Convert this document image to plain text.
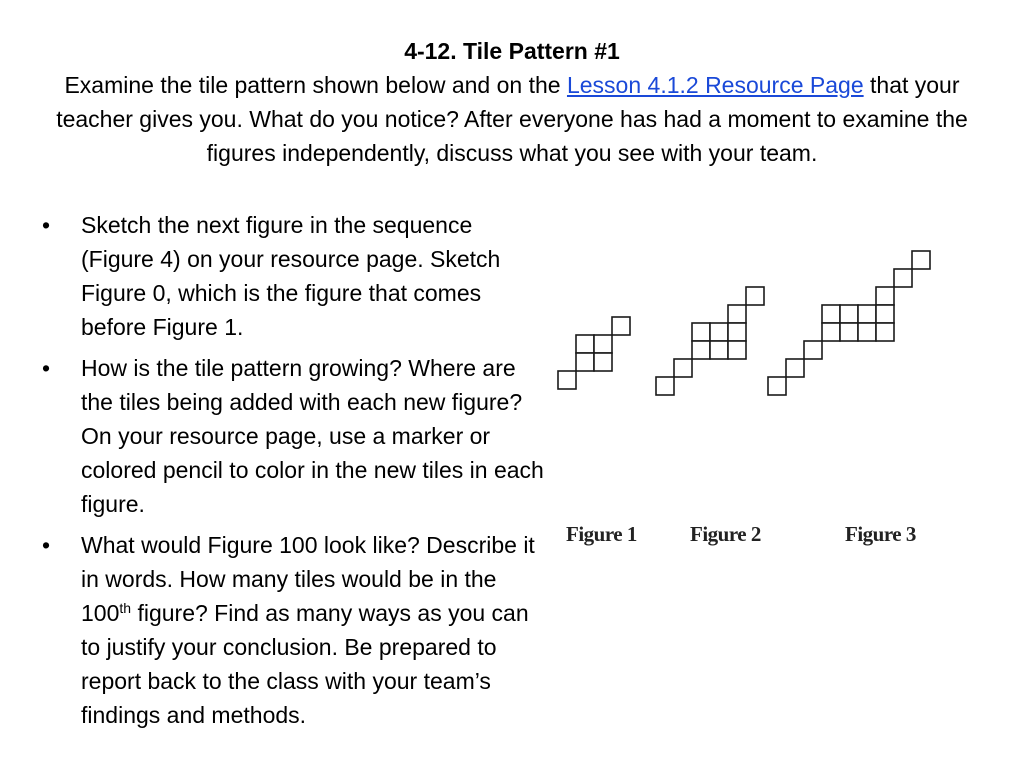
4-12. Tile Pattern #1
Examine the tile pattern shown below and on the Lesson 4.1.2 Resource Page that your teacher gives you. What do you notice? After everyone has had a moment to examine the figures independently, discuss what you see with your team.
• Sketch the next figure in the sequence (Figure 4) on your resource page. Sketch Figure 0, which is the figure that comes before Figure 1.
• How is the tile pattern growing? Where are the tiles being added with each new figure? On your resource page, use a marker or colored pencil to color in the new tiles in each figure.
• What would Figure 100 look like? Describe it in words. How many tiles would be in the 100th figure? Find as many ways as you can to justify your conclusion. Be prepared to report back to the class with your team’s findings and methods.
Figure 1	Figure 2	Figure 3
